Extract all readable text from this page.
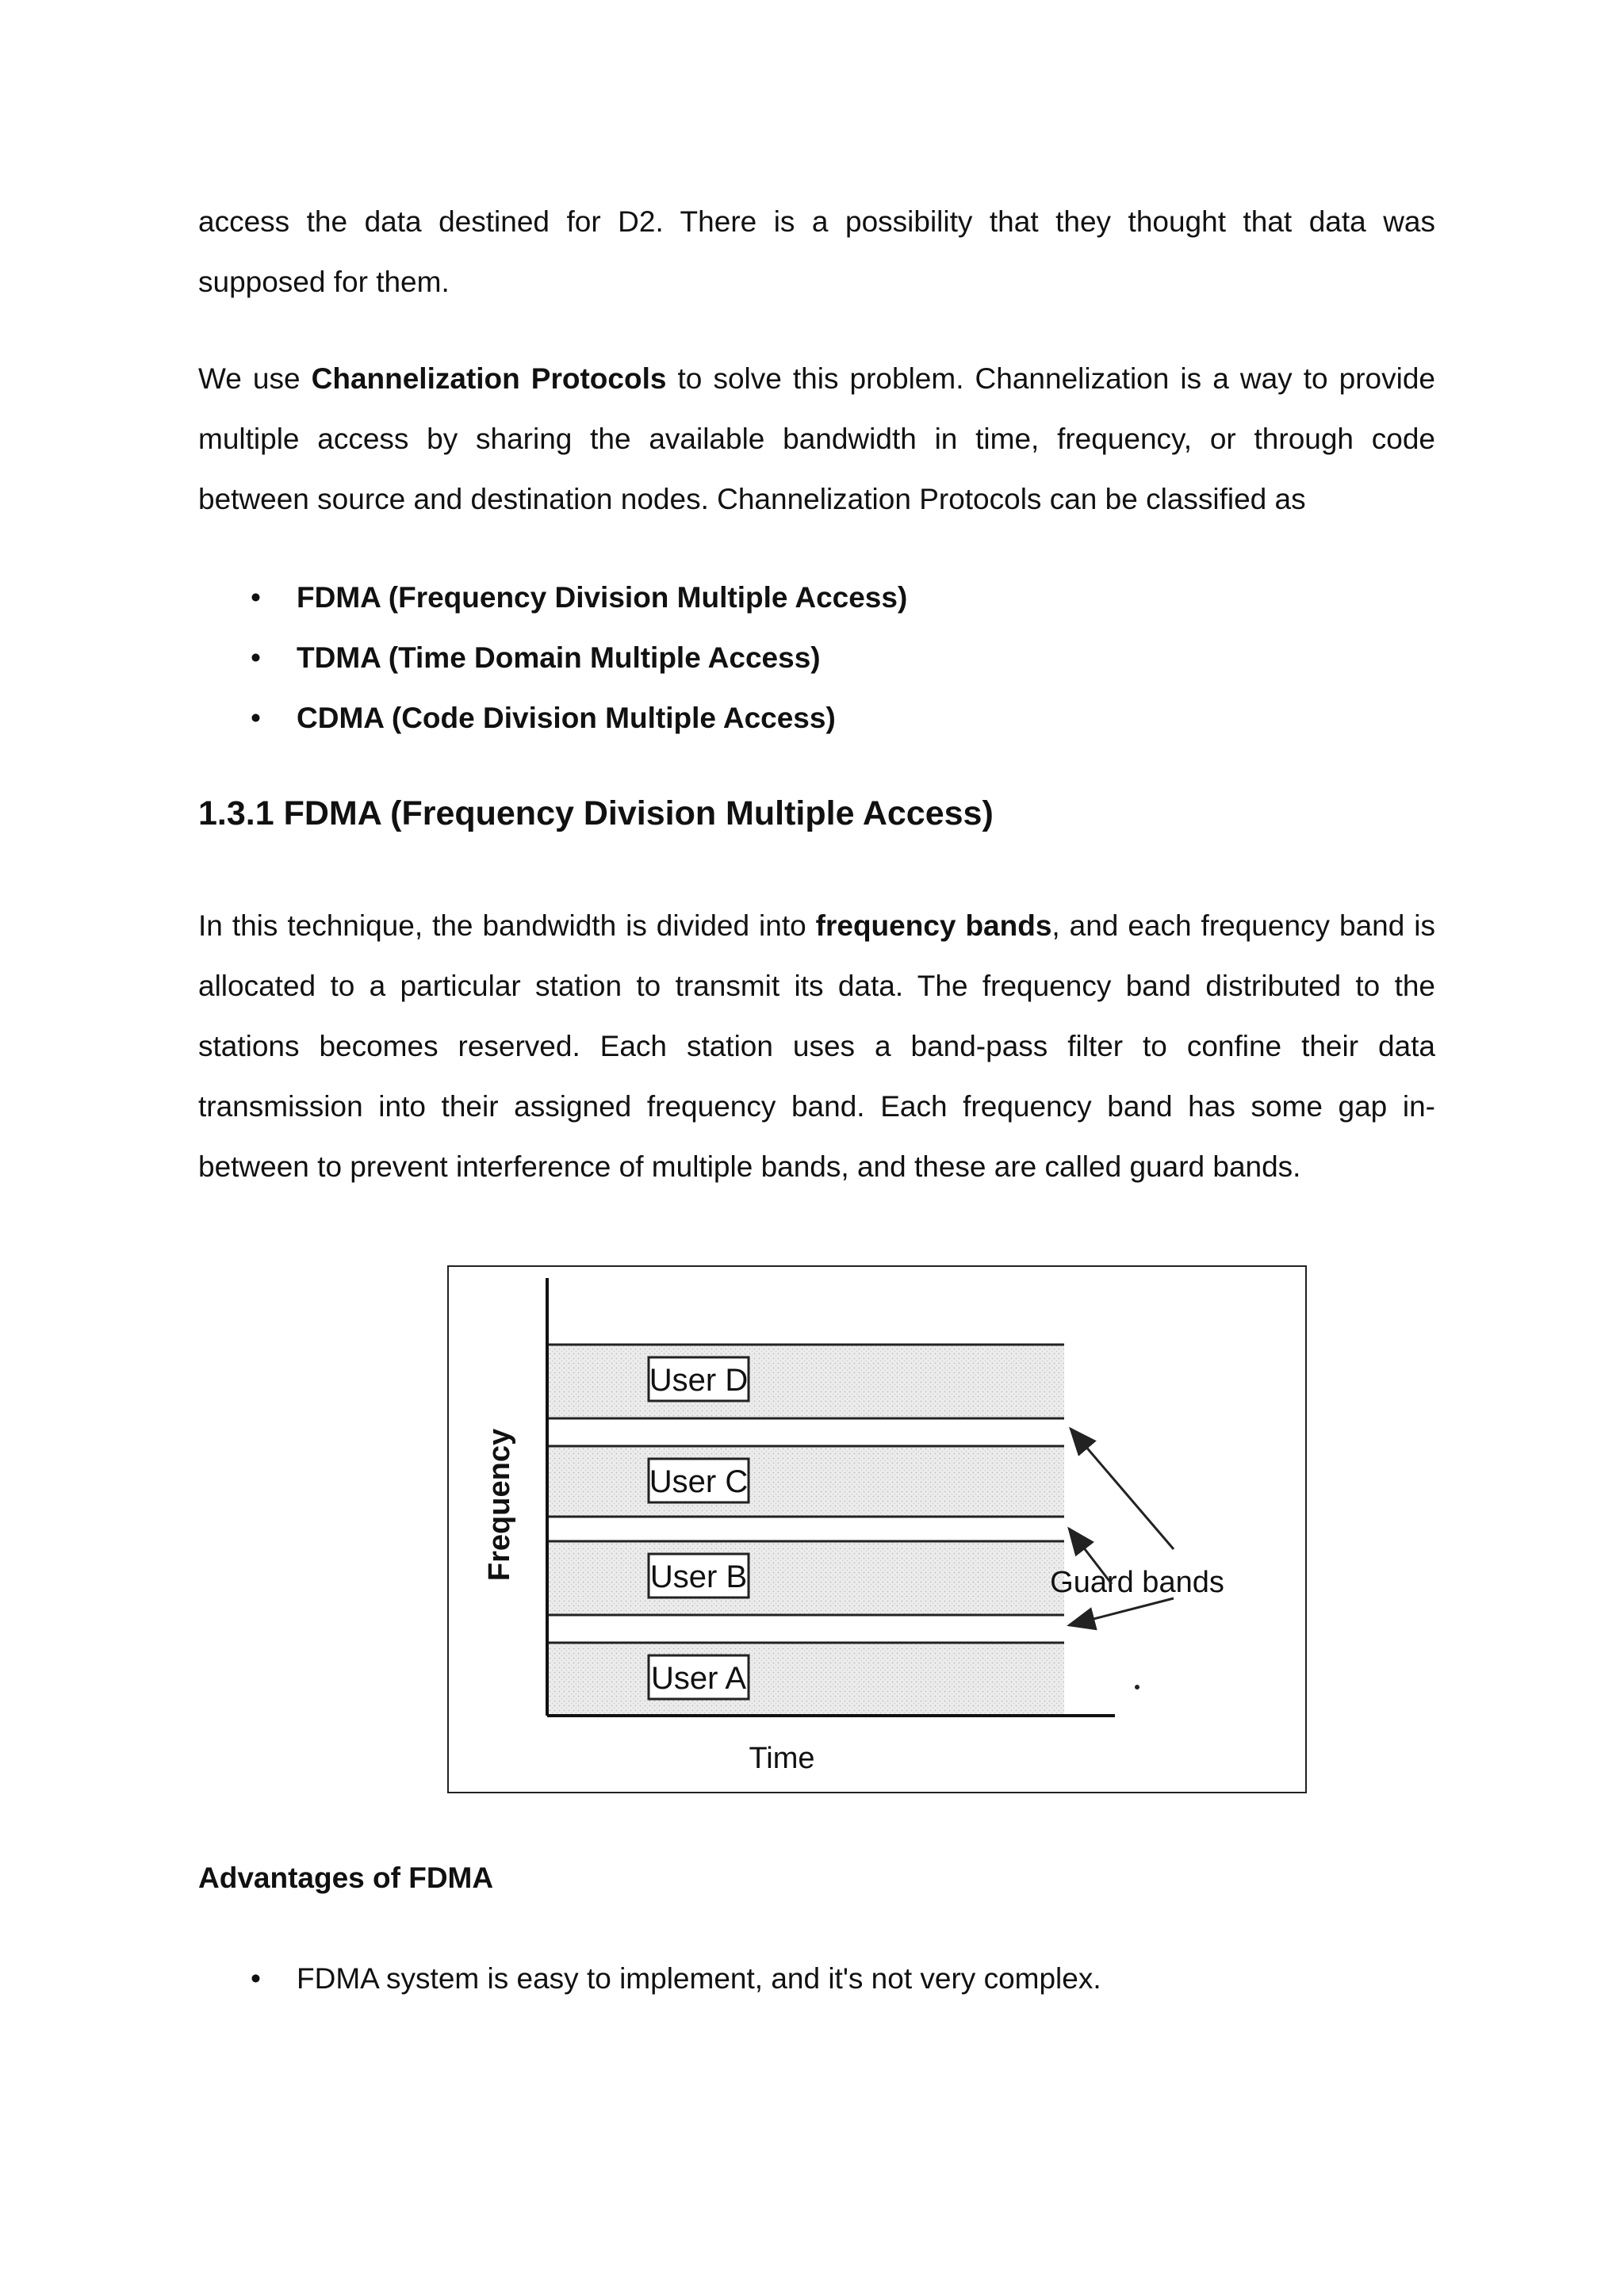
access the data destined for D2. There is a possibility that they thought that data was supposed for them.

We use Channelization Protocols to solve this problem. Channelization is a way to provide multiple access by sharing the available bandwidth in time, frequency, or through code between source and destination nodes. Channelization Protocols can be classified as

• FDMA (Frequency Division Multiple Access)
• TDMA (Time Domain Multiple Access)
• CDMA (Code Division Multiple Access)
1.3.1 FDMA (Frequency Division Multiple Access)

In this technique, the bandwidth is divided into frequency bands, and each frequency band is allocated to a particular station to transmit its data. The frequency band distributed to the stations becomes reserved. Each station uses a band-pass filter to confine their data transmission into their assigned frequency band. Each frequency band has some gap in-between to prevent interference of multiple bands, and these are called guard bands.

User D
User C
User B
User A
Frequency
Time
Guard bands
Advantages of FDMA
• FDMA system is easy to implement, and it's not very complex.
